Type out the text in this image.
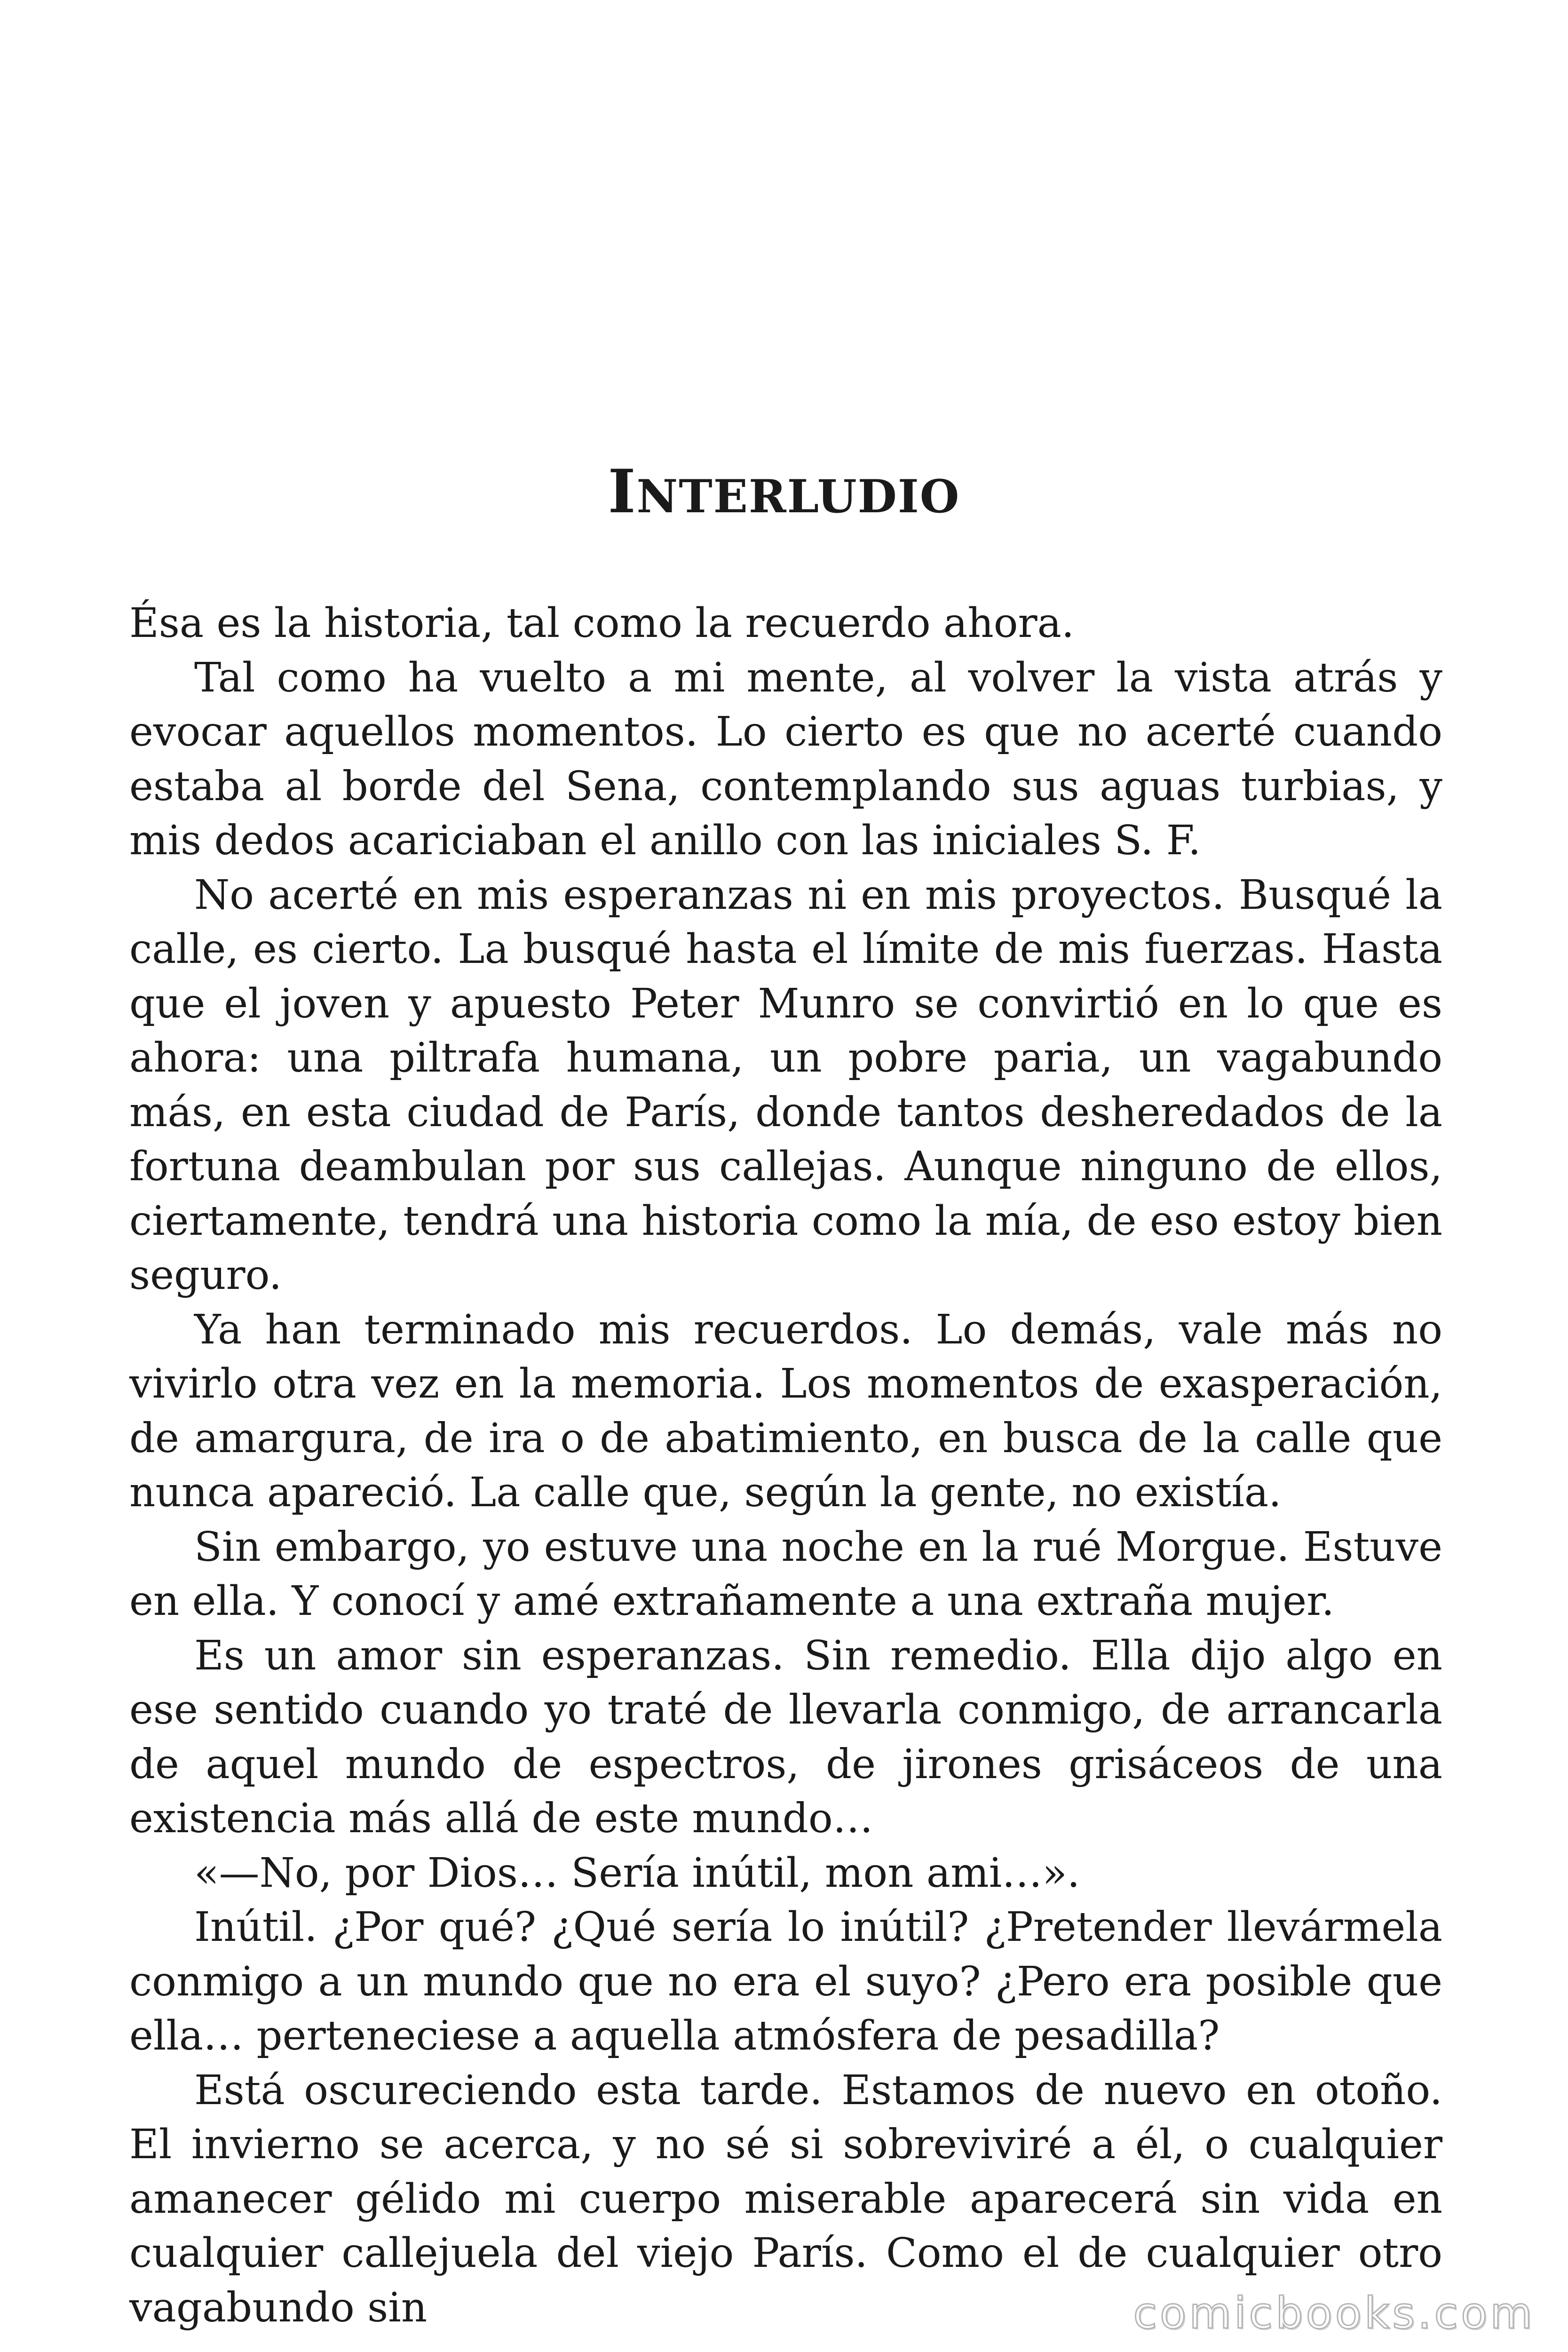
INTERLUDIO

Ésa es la historia, tal como la recuerdo ahora.

Tal como ha vuelto a mi mente, al volver la vista atrás y evocar aquellos momentos. Lo cierto es que no acerté cuando estaba al borde del Sena, contemplando sus aguas turbias, y mis dedos acariciaban el anillo con las iniciales S. F.

No acerté en mis esperanzas ni en mis proyectos. Busqué la calle, es cierto. La busqué hasta el límite de mis fuerzas. Hasta que el joven y apuesto Peter Munro se convirtió en lo que es ahora: una piltrafa humana, un pobre paria, un vagabundo más, en esta ciudad de París, donde tantos desheredados de la fortuna deambulan por sus callejas. Aunque ninguno de ellos, ciertamente, tendrá una historia como la mía, de eso estoy bien seguro.

Ya han terminado mis recuerdos. Lo demás, vale más no vivirlo otra vez en la memoria. Los momentos de exasperación, de amargura, de ira o de abatimiento, en busca de la calle que nunca apareció. La calle que, según la gente, no existía.

Sin embargo, yo estuve una noche en la rué Morgue. Estuve en ella. Y conocí y amé extrañamente a una extraña mujer.

Es un amor sin esperanzas. Sin remedio. Ella dijo algo en ese sentido cuando yo traté de llevarla conmigo, de arrancarla de aquel mundo de espectros, de jirones grisáceos de una existencia más allá de este mundo…

«—No, por Dios… Sería inútil, mon ami…».

Inútil. ¿Por qué? ¿Qué sería lo inútil? ¿Pretender llevármela conmigo a un mundo que no era el suyo? ¿Pero era posible que ella… perteneciese a aquella atmósfera de pesadilla?

Está oscureciendo esta tarde. Estamos de nuevo en otoño. El invierno se acerca, y no sé si sobreviviré a él, o cualquier amanecer gélido mi cuerpo miserable aparecerá sin vida en cualquier callejuela del viejo París. Como el de cualquier otro vagabundo sin	comicbooks.com
